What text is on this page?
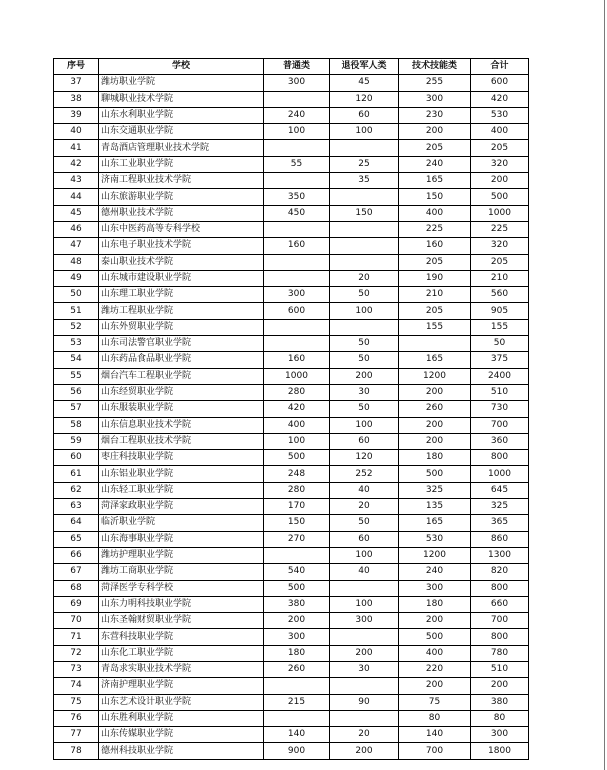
序号	学校	普通类	退役军人类	技术技能类	合计
37	潍坊职业学院	300	45	255	600
38	聊城职业技术学院		120	300	420
39	山东水利职业学院	240	60	230	530
40	山东交通职业学院	100	100	200	400
41	青岛酒店管理职业技术学院			205	205
42	山东工业职业学院	55	25	240	320
43	济南工程职业技术学院		35	165	200
44	山东旅游职业学院	350		150	500
45	德州职业技术学院	450	150	400	1000
46	山东中医药高等专科学校			225	225
47	山东电子职业技术学院	160		160	320
48	泰山职业技术学院			205	205
49	山东城市建设职业学院		20	190	210
50	山东理工职业学院	300	50	210	560
51	潍坊工程职业学院	600	100	205	905
52	山东外贸职业学院			155	155
53	山东司法警官职业学院		50		50
54	山东药品食品职业学院	160	50	165	375
55	烟台汽车工程职业学院	1000	200	1200	2400
56	山东经贸职业学院	280	30	200	510
57	山东服装职业学院	420	50	260	730
58	山东信息职业技术学院	400	100	200	700
59	烟台工程职业技术学院	100	60	200	360
60	枣庄科技职业学院	500	120	180	800
61	山东铝业职业学院	248	252	500	1000
62	山东轻工职业学院	280	40	325	645
63	菏泽家政职业学院	170	20	135	325
64	临沂职业学院	150	50	165	365
65	山东海事职业学院	270	60	530	860
66	潍坊护理职业学院		100	1200	1300
67	潍坊工商职业学院	540	40	240	820
68	菏泽医学专科学校	500		300	800
69	山东力明科技职业学院	380	100	180	660
70	山东圣翰财贸职业学院	200	300	200	700
71	东营科技职业学院	300		500	800
72	山东化工职业学院	180	200	400	780
73	青岛求实职业技术学院	260	30	220	510
74	济南护理职业学院			200	200
75	山东艺术设计职业学院	215	90	75	380
76	山东胜利职业学院			80	80
77	山东传媒职业学院	140	20	140	300
78	德州科技职业学院	900	200	700	1800
